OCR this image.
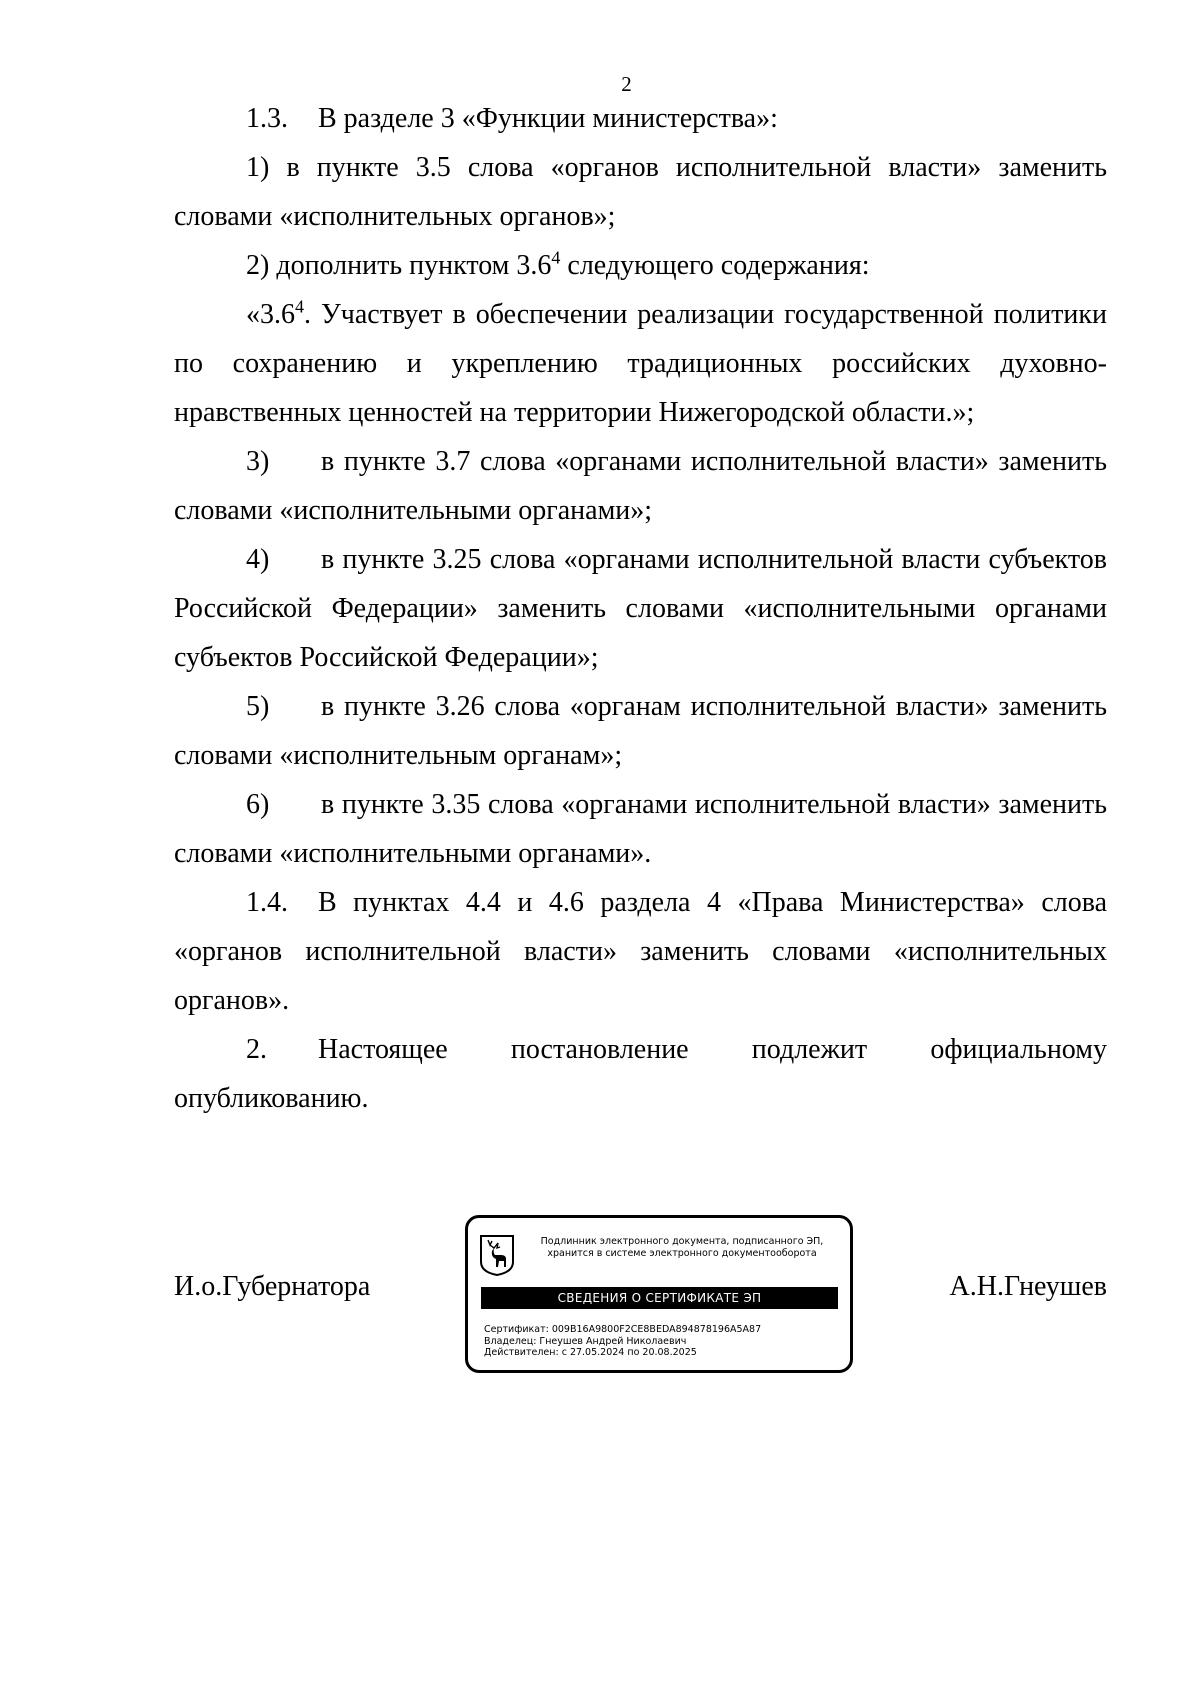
2

1.3. В разделе 3 «Функции министерства»:

1) в пункте 3.5 слова «органов исполнительной власти» заменить словами «исполнительных органов»;

2) дополнить пунктом $3.6^4$ следующего содержания:

«$3.6^4$. Участвует в обеспечении реализации государственной политики по сохранению и укреплению традиционных российских духовно-нравственных ценностей на территории Нижегородской области.»;

3) в пункте 3.7 слова «органами исполнительной власти» заменить словами «исполнительными органами»;

4) в пункте 3.25 слова «органами исполнительной власти субъектов Российской Федерации» заменить словами «исполнительными органами субъектов Российской Федерации»;

5) в пункте 3.26 слова «органам исполнительной власти» заменить словами «исполнительным органам»;

6) в пункте 3.35 слова «органами исполнительной власти» заменить словами «исполнительными органами».

1.4. В пунктах 4.4 и 4.6 раздела 4 «Права Министерства» слова «органов исполнительной власти» заменить словами «исполнительных органов».

2. Настоящее постановление подлежит официальному опубликованию.

И.о.Губернатора
Подлинник электронного документа, подписанного ЭП,
хранится в системе электронного документооборота
СВЕДЕНИЯ О СЕРТИФИКАТЕ ЭП
Сертификат: 009B16A9800F2CE8BEDA894878196A5A87
Владелец: Гнеушев Андрей Николаевич
Действителен: с 27.05.2024 по 20.08.2025
А.Н.Гнеушев
